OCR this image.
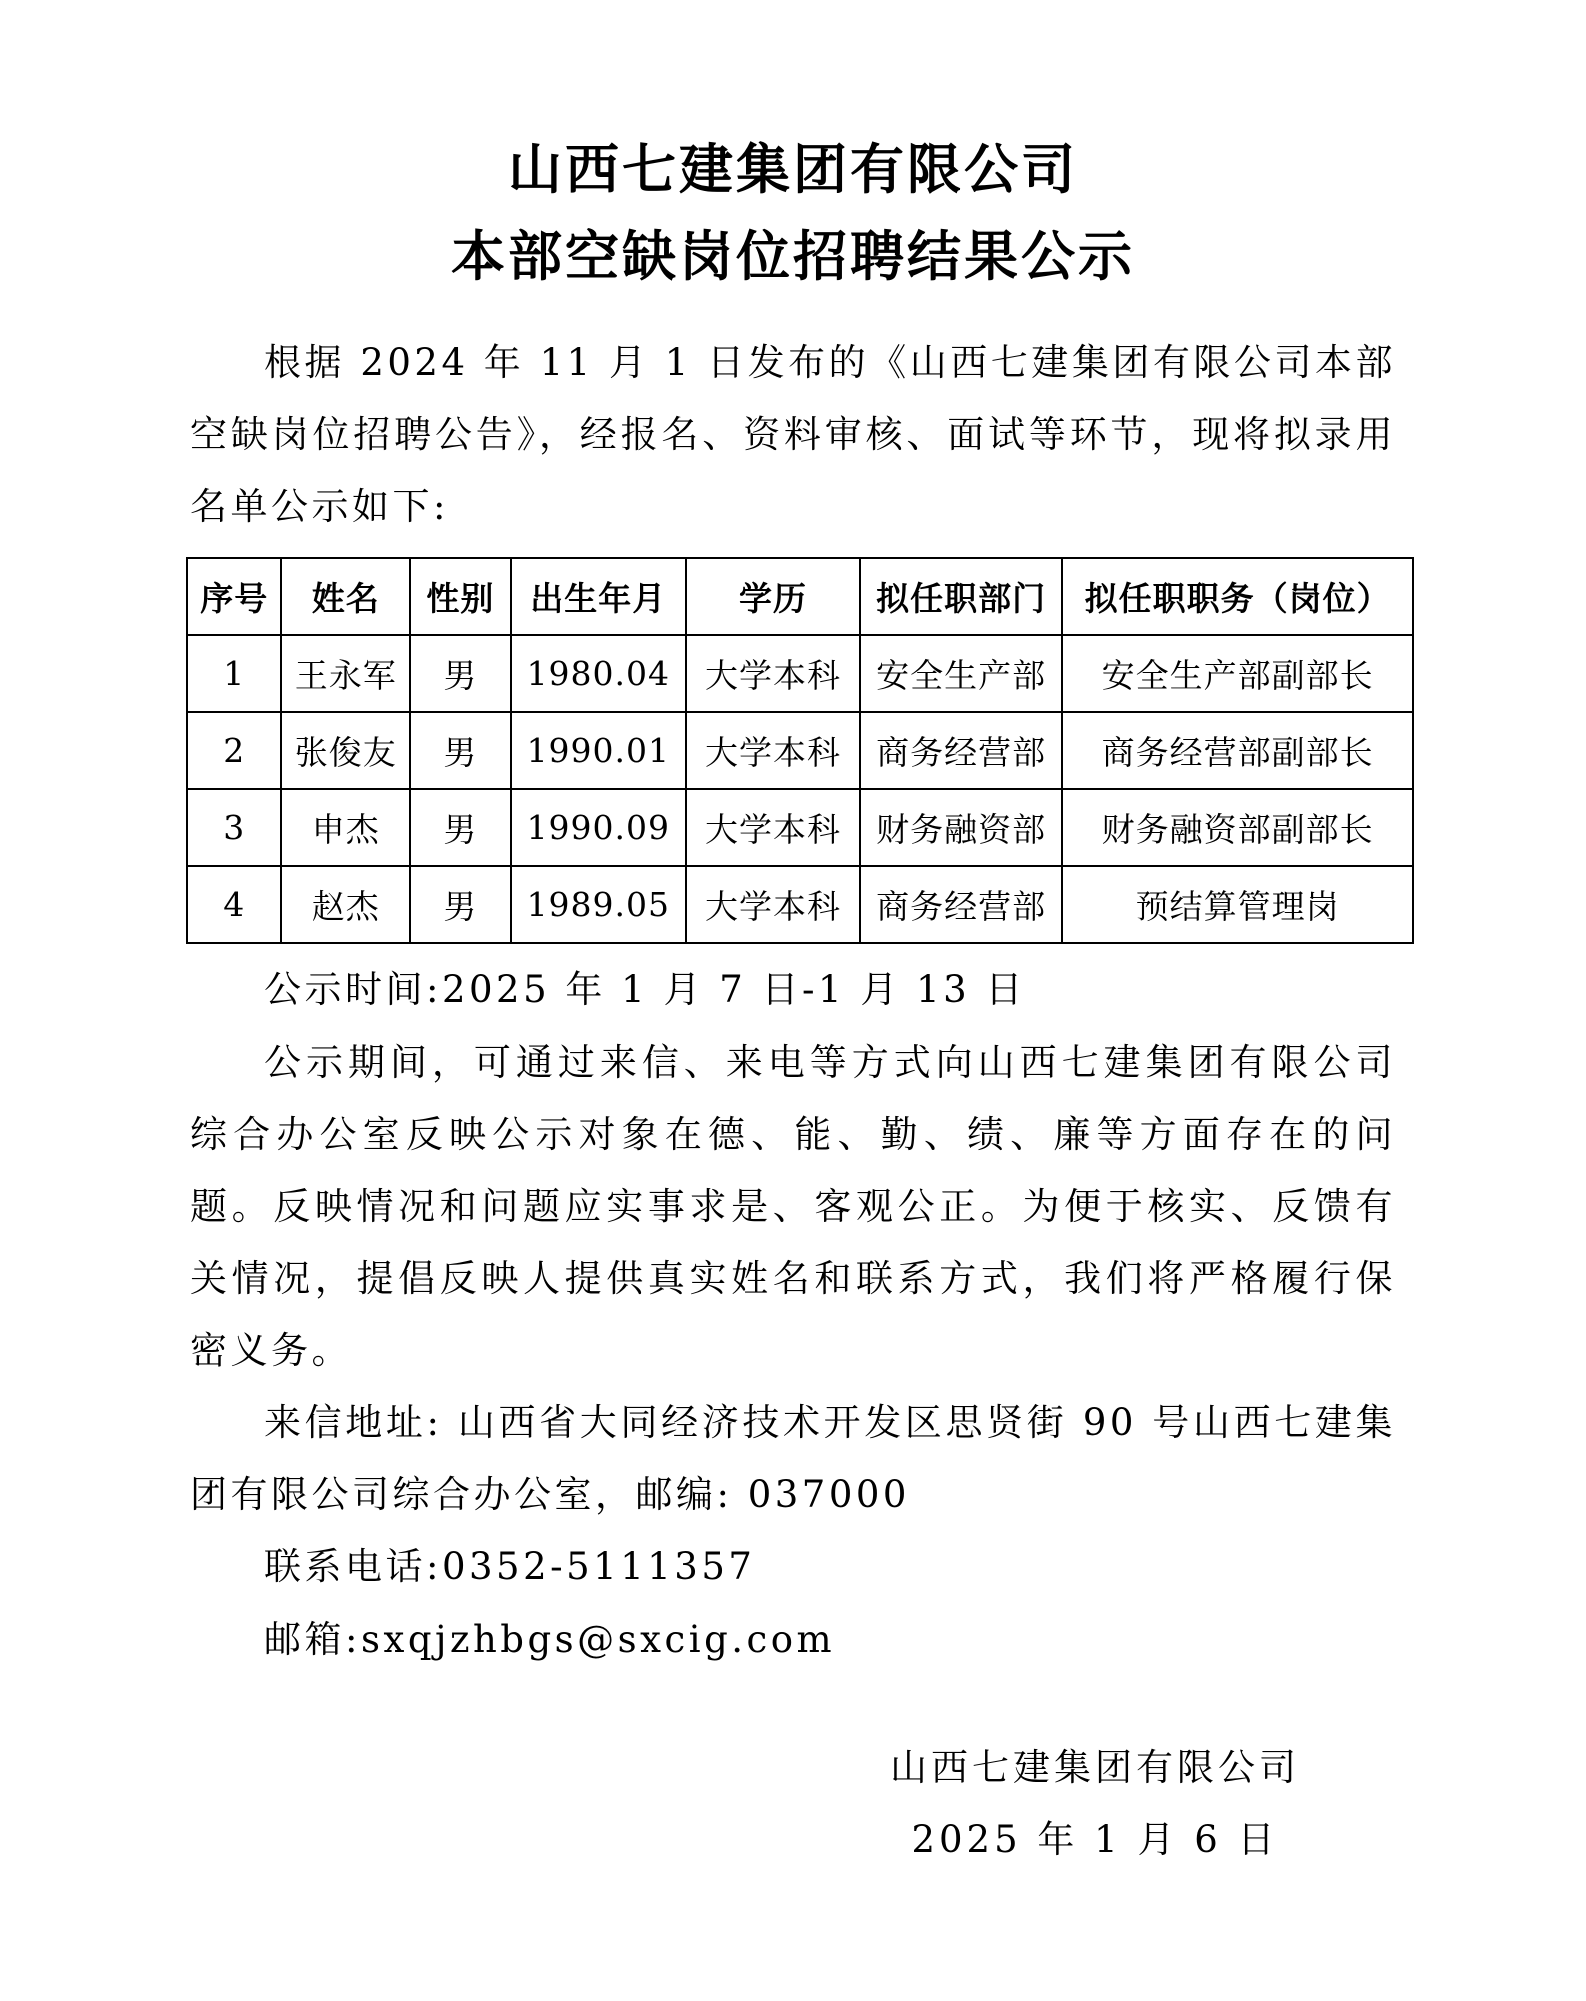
山西七建集团有限公司
本部空缺岗位招聘结果公示

根据 2024 年 11 月 1 日发布的《山西七建集团有限公司本部空缺岗位招聘公告》，经报名、资料审核、面试等环节，现将拟录用名单公示如下:

序号	姓名	性别	出生年月	学历	拟任职部门	拟任职职务（岗位）
1	王永军	男	1980.04	大学本科	安全生产部	安全生产部副部长
2	张俊友	男	1990.01	大学本科	商务经营部	商务经营部副部长
3	申杰	男	1990.09	大学本科	财务融资部	财务融资部副部长
4	赵杰	男	1989.05	大学本科	商务经营部	预结算管理岗

公示时间:2025 年 1 月 7 日-1 月 13 日

公示期间，可通过来信、来电等方式向山西七建集团有限公司综合办公室反映公示对象在德、能、勤、绩、廉等方面存在的问题。反映情况和问题应实事求是、客观公正。为便于核实、反馈有关情况，提倡反映人提供真实姓名和联系方式，我们将严格履行保密义务。

来信地址: 山西省大同经济技术开发区思贤街 90 号山西七建集团有限公司综合办公室，邮编: 037000

联系电话:0352-5111357

邮箱:sxqjzhbgs@sxcig.com

山西七建集团有限公司
2025 年 1 月 6 日
